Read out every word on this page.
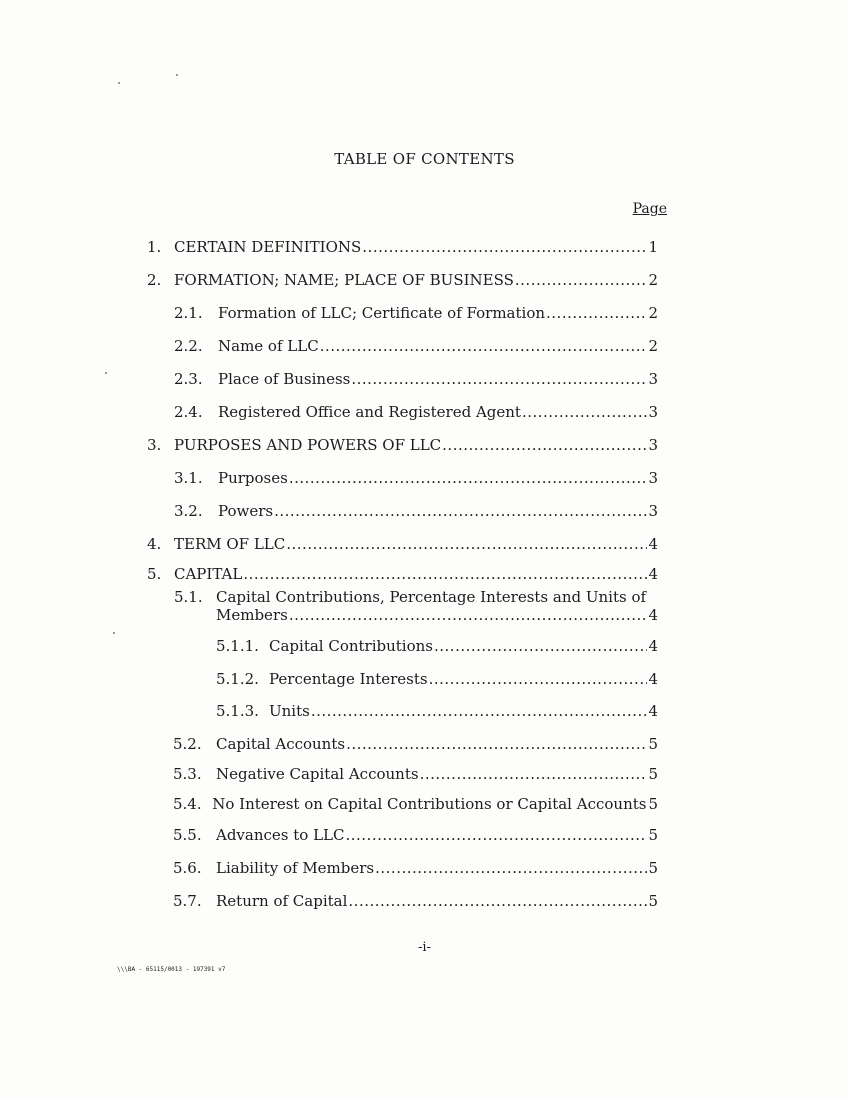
TABLE OF CONTENTS
Page
1. CERTAIN DEFINITIONS .....	1
2. FORMATION; NAME; PLACE OF BUSINESS .....	2
2.1.	Formation of LLC; Certificate of Formation .....	2
2.2.	Name of LLC .....	2
2.3.	Place of Business .....	3
2.4.	Registered Office and Registered Agent .....	3
3. PURPOSES AND POWERS OF LLC .....	3
3.1.	Purposes .....	3
3.2.	Powers .....	3
4. TERM OF LLC .....	4
5. CAPITAL .....	4
5.1. Capital Contributions, Percentage Interests and Units of
Members .....	4
5.1.1. Capital Contributions .....	4
5.1.2. Percentage Interests .....	4
5.1.3. Units .....	4
5.2. Capital Accounts .....	5
5.3. Negative Capital Accounts .....	5
5.4. No Interest on Capital Contributions or Capital Accounts 5
5.5. Advances to LLC .....	5
5.6. Liability of Members .....	5
5.7. Return of Capital .....	5
-i-
\\\BA - 65115/0013 - 197391 v7
